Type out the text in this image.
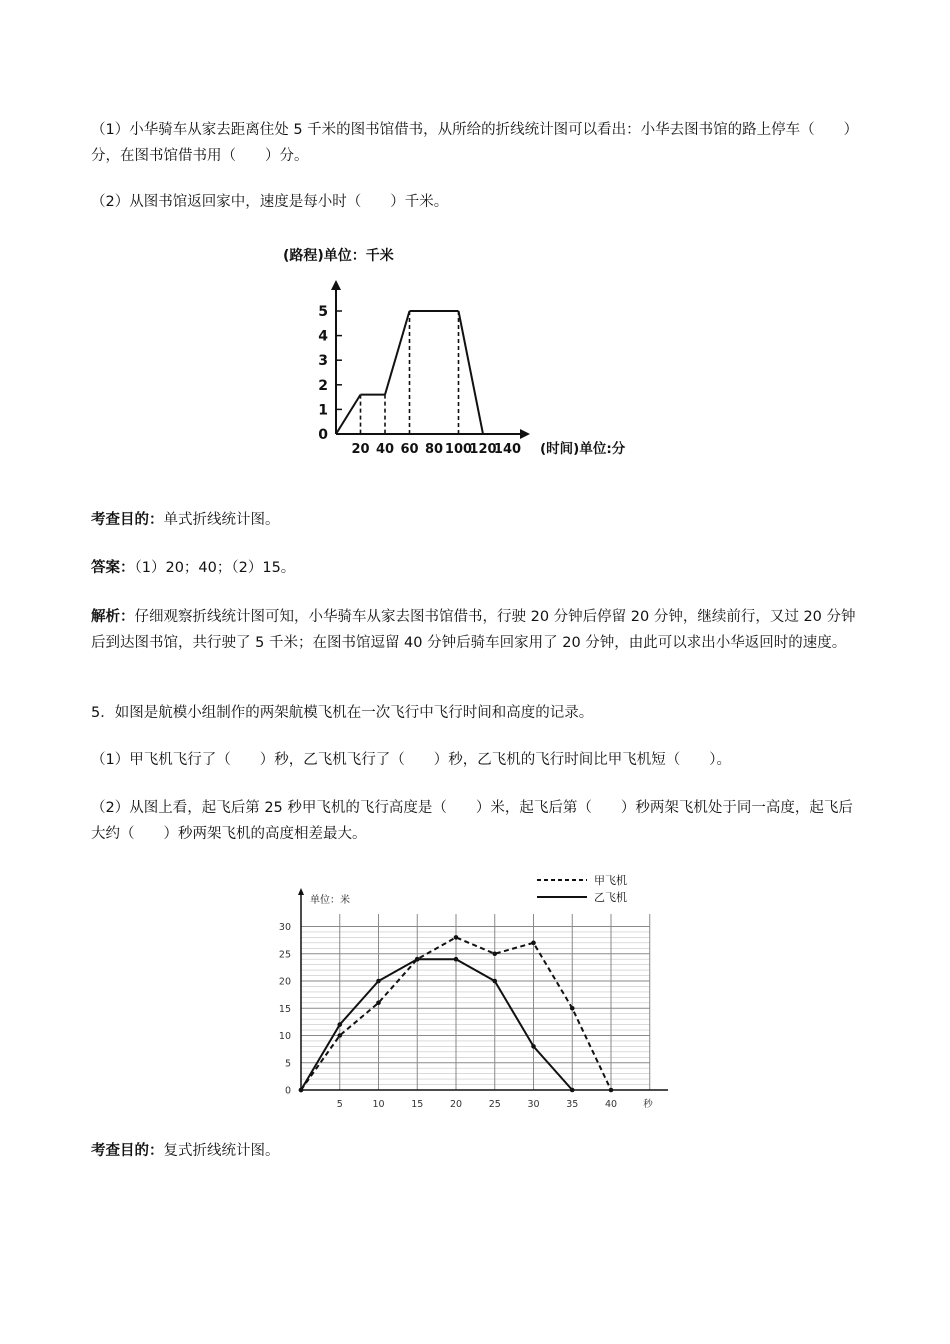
（1）小华骑车从家去距离住处 5 千米的图书馆借书，从所给的折线统计图可以看出：小华去图书馆的路上停车（　　）分，在图书馆借书用（　　）分。

（2）从图书馆返回家中，速度是每小时（　　）千米。

(路程)单位：千米
0
1
2
3
4
5
20 40 60 80 100
120
140 (时间)单位:分

考查目的：单式折线统计图。

答案：（1）20；40；（2）15。

解析：仔细观察折线统计图可知，小华骑车从家去图书馆借书，行驶 20 分钟后停留 20 分钟，继续前行，又过 20 分钟后到达图书馆，共行驶了 5 千米；在图书馆逗留 40 分钟后骑车回家用了 20 分钟，由此可以求出小华返回时的速度。

5．如图是航模小组制作的两架航模飞机在一次飞行中飞行时间和高度的记录。

（1）甲飞机飞行了（　　）秒，乙飞机飞行了（　　）秒，乙飞机的飞行时间比甲飞机短（　　）。

（2）从图上看，起飞后第 25 秒甲飞机的飞行高度是（　　）米，起飞后第（　　）秒两架飞机处于同一高度，起飞后大约（　　）秒两架飞机的高度相差最大。

单位：米
0
5
10
15
20
25
30
5	10	15	20	25	30	35	40	秒
甲飞机
乙飞机

考查目的：复式折线统计图。
